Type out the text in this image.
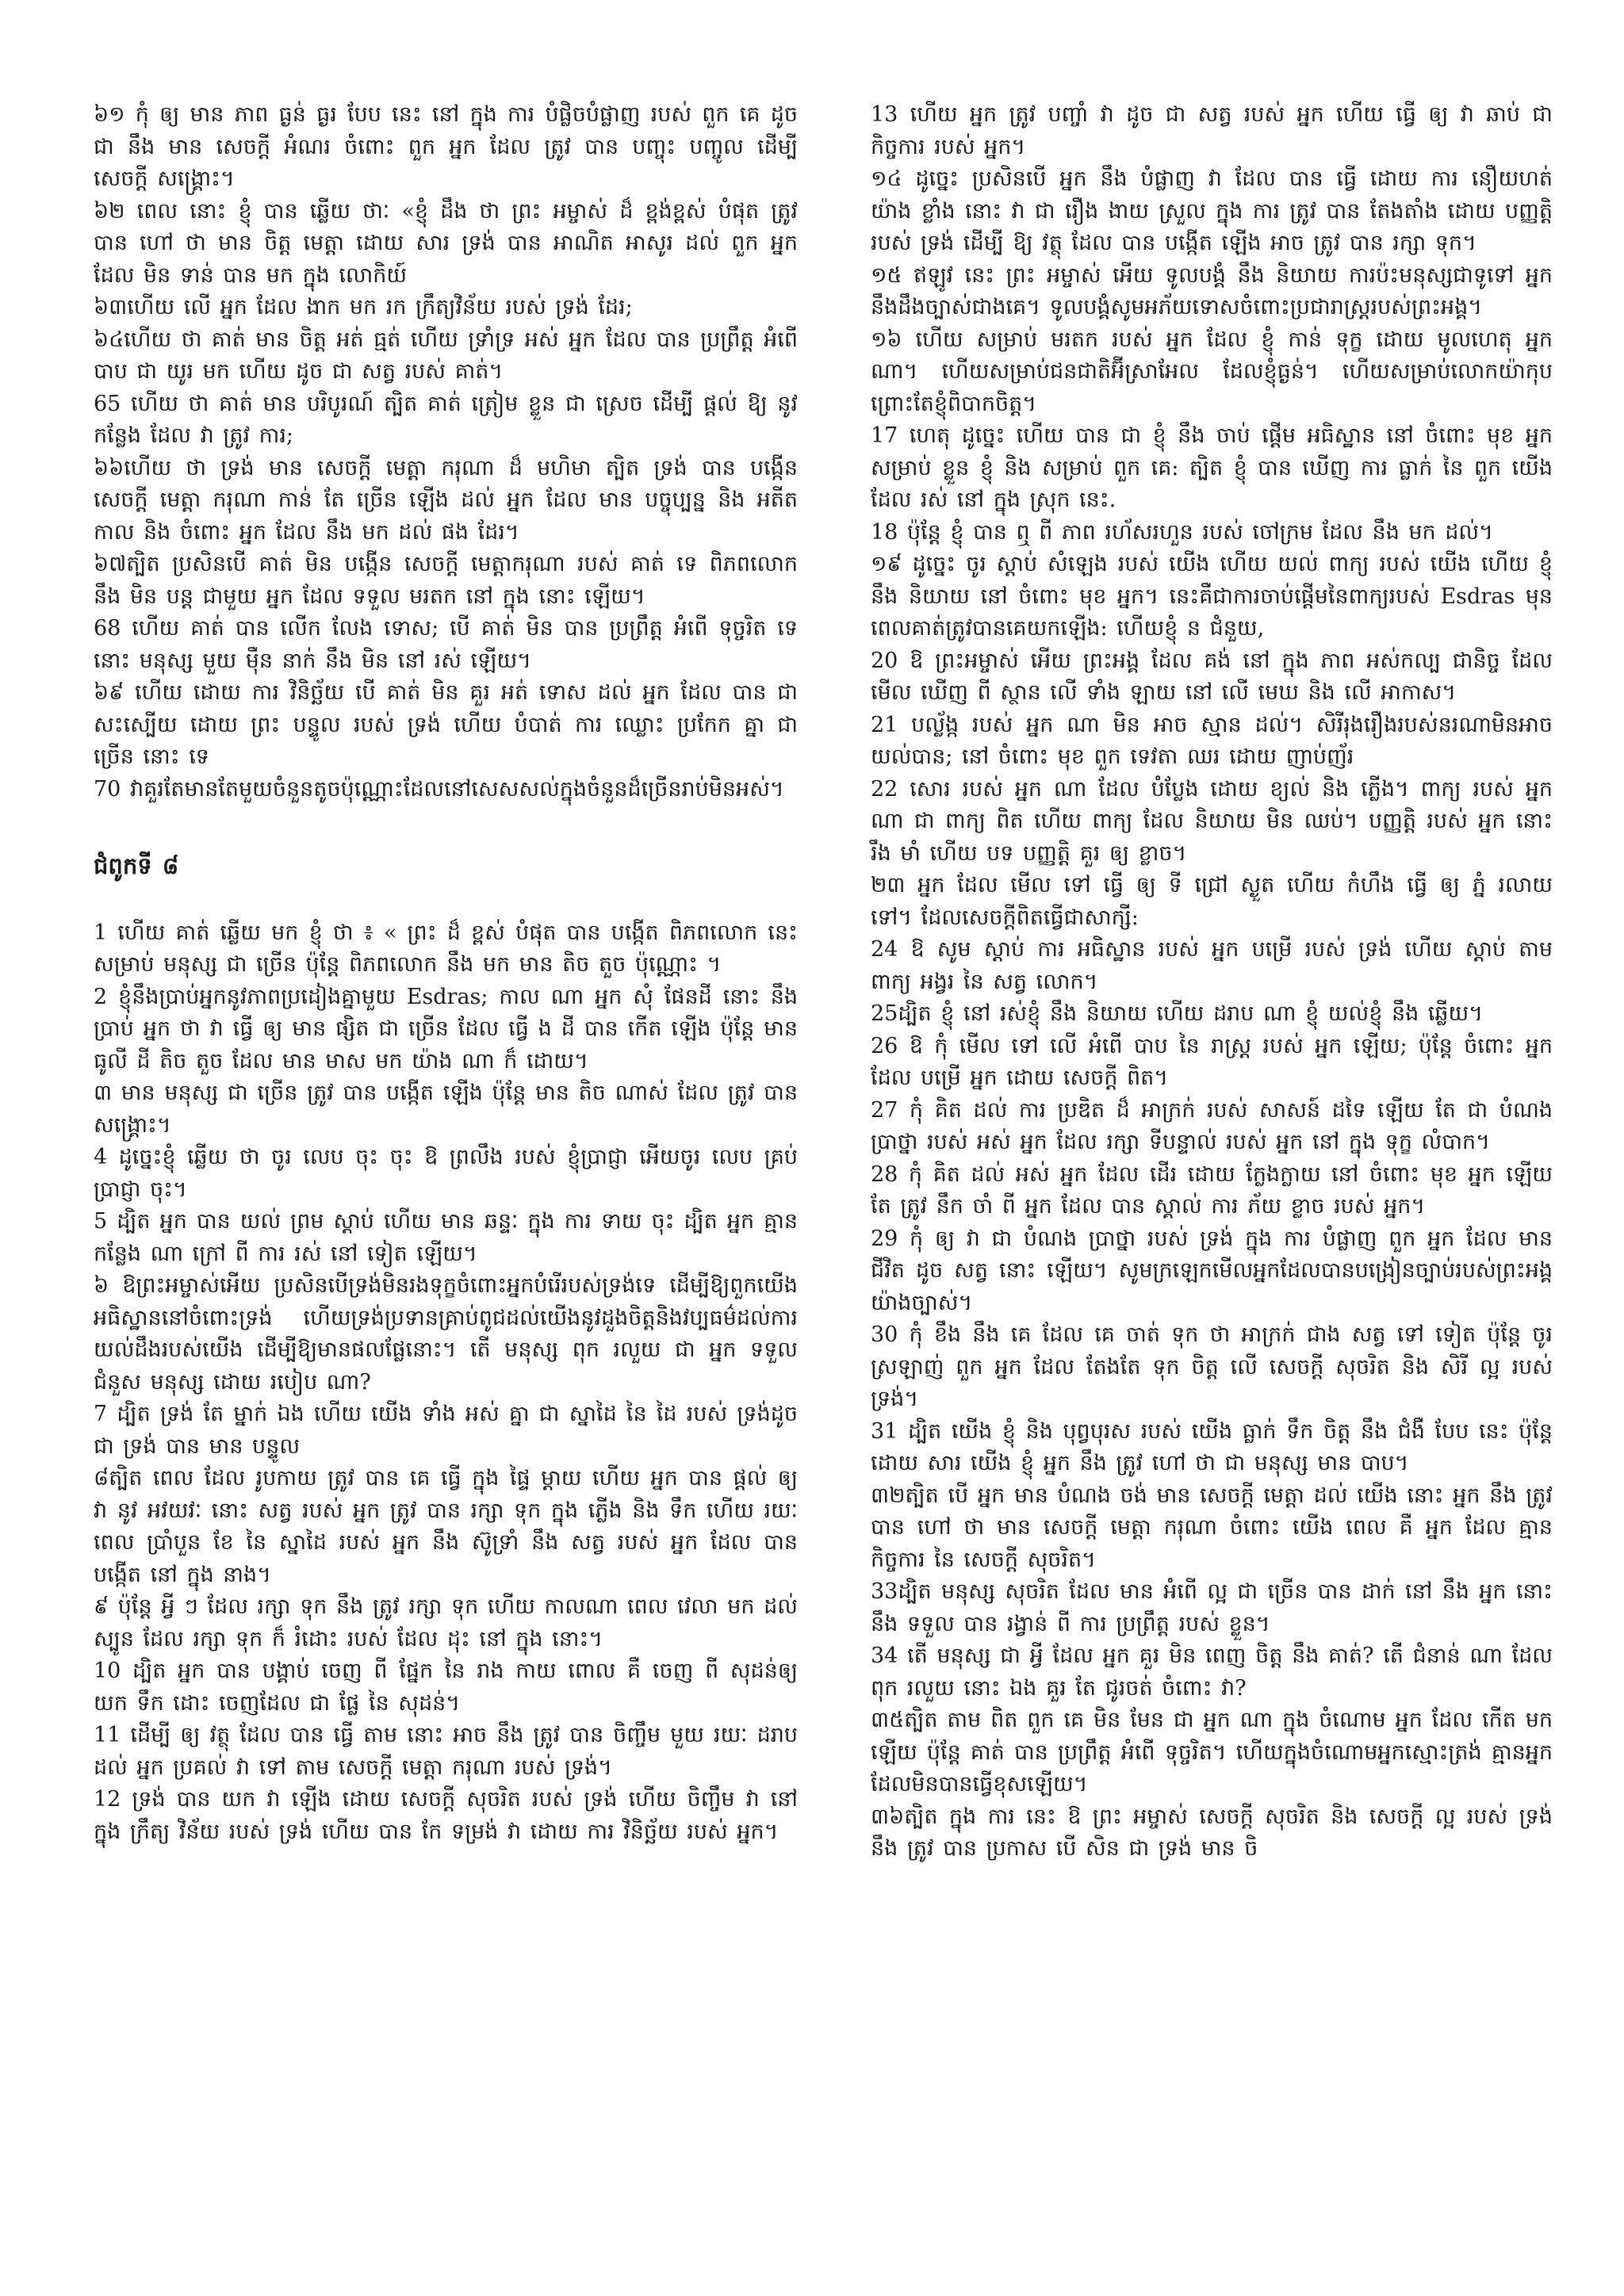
៦១ កុំ ឲ្យ មាន ភាព ធ្ងន់ ធ្ងរ បែប នេះ នៅ ក្នុង ការ បំផ្លិចបំផ្លាញ របស់ ពួក គេ ដូច ជា នឹង មាន សេចក្ដី អំណរ ចំពោះ ពួក អ្នក ដែល ត្រូវ បាន បញ្ចុះ បញ្ចូល ដើម្បី សេចក្ដី សង្គ្រោះ។

៦២ ពេល នោះ ខ្ញុំ បាន ឆ្លើយ ថាៈ «ខ្ញុំ ដឹង ថា ព្រះ អម្ចាស់ ដ៏ ខ្ពង់ខ្ពស់ បំផុត ត្រូវ បាន ហៅ ថា មាន ចិត្ត មេត្តា ដោយ សារ ទ្រង់ បាន អាណិត អាសូរ ដល់ ពួក អ្នក ដែល មិន ទាន់ បាន មក ក្នុង លោកិយ៍

៦៣ហើយ លើ អ្នក ដែល ងាក មក រក ក្រឹត្យវិន័យ របស់ ទ្រង់ ដែរ;

៦៤ហើយ ថា គាត់ មាន ចិត្ត អត់ ធ្មត់ ហើយ ទ្រាំទ្រ អស់ អ្នក ដែល បាន ប្រព្រឹត្ត អំពើ បាប ជា យូរ មក ហើយ ដូច ជា សត្វ របស់ គាត់។

65 ហើយ ថា គាត់ មាន បរិបូរណ៍ ត្បិត គាត់ ត្រៀម ខ្លួន ជា ស្រេច ដើម្បី ផ្ដល់ ឱ្យ នូវ កន្លែង ដែល វា ត្រូវ ការ;

៦៦ហើយ ថា ទ្រង់ មាន សេចក្ដី មេត្តា ករុណា ដ៏ មហិមា ត្បិត ទ្រង់ បាន បង្កើន សេចក្ដី មេត្តា ករុណា កាន់ តែ ច្រើន ឡើង ដល់ អ្នក ដែល មាន បច្ចុប្បន្ន និង អតីតកាល និង ចំពោះ អ្នក ដែល នឹង មក ដល់ ផង ដែរ។

៦៧ត្បិត ប្រសិនបើ គាត់ មិន បង្កើន សេចក្ដី មេត្តាករុណា របស់ គាត់ ទេ ពិភពលោក នឹង មិន បន្ត ជាមួយ អ្នក ដែល ទទួល មរតក នៅ ក្នុង នោះ ឡើយ។

68 ហើយ គាត់ បាន លើក លែង ទោស; បើ គាត់ មិន បាន ប្រព្រឹត្ត អំពើ ទុច្ចរិត ទេ នោះ មនុស្ស មួយ ម៉ឺន នាក់ នឹង មិន នៅ រស់ ឡើយ។

៦៩ ហើយ ដោយ ការ វិនិច្ឆ័យ បើ គាត់ មិន គួរ អត់ ទោស ដល់ អ្នក ដែល បាន ជា សះស្បើយ ដោយ ព្រះ បន្ទូល របស់ ទ្រង់ ហើយ បំបាត់ ការ ឈ្លោះ ប្រកែក គ្នា ជា ច្រើន នោះ ទេ

70 វាគួរតែមានតែមួយចំនួនតូចប៉ុណ្ណោះដែលនៅសេសសល់ក្នុងចំនួនដ៏ច្រើនរាប់មិនអស់។

ជំពូកទី ៨

1 ហើយ គាត់ ឆ្លើយ មក ខ្ញុំ ថា ៖ « ព្រះ ដ៏ ខ្ពស់ បំផុត បាន បង្កើត ពិភពលោក នេះ សម្រាប់ មនុស្ស ជា ច្រើន ប៉ុន្តែ ពិភពលោក នឹង មក មាន តិច តួច ប៉ុណ្ណោះ ។

2 ខ្ញុំនឹងប្រាប់អ្នកនូវភាពប្រដៀងគ្នាមួយ Esdras; កាល ណា អ្នក សុំ ផែនដី នោះ នឹង ប្រាប់ អ្នក ថា វា ធ្វើ ឲ្យ មាន ផ្សិត ជា ច្រើន ដែល ធ្វើ ង ដី បាន កើត ឡើង ប៉ុន្តែ មាន ធូលី ដី តិច តួច ដែល មាន មាស មក យ៉ាង ណា ក៏ ដោយ។

៣ មាន មនុស្ស ជា ច្រើន ត្រូវ បាន បង្កើត ឡើង ប៉ុន្តែ មាន តិច ណាស់ ដែល ត្រូវ បាន សង្គ្រោះ។

4 ដូច្នេះខ្ញុំ ឆ្លើយ ថា ចូរ លេប ចុះ ចុះ ឱ ព្រលឹង របស់ ខ្ញុំប្រាជ្ញា អើយចូរ លេប គ្រប់ប្រាជ្ញា ចុះ។

5 ដ្បិត អ្នក បាន យល់ ព្រម ស្ដាប់ ហើយ មាន ឆន្ទៈ ក្នុង ការ ទាយ ចុះ ដ្បិត អ្នក គ្មាន កន្លែង ណា ក្រៅ ពី ការ រស់ នៅ ទៀត ឡើយ។

៦ ឱព្រះអម្ចាស់អើយ ប្រសិនបើទ្រង់មិនរងទុក្ខចំពោះអ្នកបំរើរបស់ទ្រង់ទេ ដើម្បីឱ្យពួកយើងអធិស្ឋាននៅចំពោះទ្រង់ ហើយទ្រង់ប្រទានគ្រាប់ពូជដល់យើងនូវដួងចិត្តនិងវប្បធម៌ដល់ការយល់ដឹងរបស់យើង ដើម្បីឱ្យមានផលផ្លែនោះ។ តើ មនុស្ស ពុក រលួយ ជា អ្នក ទទួល ជំនួស មនុស្ស ដោយ របៀប ណា?

7 ដ្បិត ទ្រង់ តែ ម្នាក់ ឯង ហើយ យើង ទាំង អស់ គ្នា ជា ស្នាដៃ នៃ ដៃ របស់ ទ្រង់ដូច ជា ទ្រង់ បាន មាន បន្ទូល

៨ត្បិត ពេល ដែល រូបកាយ ត្រូវ បាន គេ ធ្វើ ក្នុង ផ្ទៃ ម្ដាយ ហើយ អ្នក បាន ផ្ដល់ ឲ្យ វា នូវ អវយវៈ នោះ សត្វ របស់ អ្នក ត្រូវ បាន រក្សា ទុក ក្នុង ភ្លើង និង ទឹក ហើយ រយៈពេល ប្រាំបួន ខែ នៃ ស្នាដៃ របស់ អ្នក នឹង ស៊ូទ្រាំ នឹង សត្វ របស់ អ្នក ដែល បាន បង្កើត នៅ ក្នុង នាង។

៩ ប៉ុន្តែ អ្វី ៗ ដែល រក្សា ទុក នឹង ត្រូវ រក្សា ទុក ហើយ កាលណា ពេល វេលា មក ដល់ ស្បូន ដែល រក្សា ទុក ក៏ រំដោះ របស់ ដែល ដុះ នៅ ក្នុង នោះ។

10 ដ្បិត អ្នក បាន បង្គាប់ ចេញ ពី ផ្នែក នៃ រាង កាយ ពោល គឺ ចេញ ពី សុដន់ឲ្យ យក ទឹក ដោះ ចេញដែល ជា ផ្លែ នៃ សុដន់។

11 ដើម្បី ឲ្យ វត្ថុ ដែល បាន ធ្វើ តាម នោះ អាច នឹង ត្រូវ បាន ចិញ្ចឹម មួយ រយៈ ដរាប ដល់ អ្នក ប្រគល់ វា ទៅ តាម សេចក្ដី មេត្តា ករុណា របស់ ទ្រង់។

12 ទ្រង់ បាន យក វា ឡើង ដោយ សេចក្ដី សុចរិត របស់ ទ្រង់ ហើយ ចិញ្ចឹម វា នៅ ក្នុង ក្រឹត្យ វិន័យ របស់ ទ្រង់ ហើយ បាន កែ ទម្រង់ វា ដោយ ការ វិនិច្ឆ័យ របស់ អ្នក។

13 ហើយ អ្នក ត្រូវ បញ្ចាំ វា ដូច ជា សត្វ របស់ អ្នក ហើយ ធ្វើ ឲ្យ វា ឆាប់ ជា កិច្ចការ របស់ អ្នក។

១៤ ដូច្នេះ ប្រសិនបើ អ្នក នឹង បំផ្លាញ វា ដែល បាន ធ្វើ ដោយ ការ នឿយហត់ យ៉ាង ខ្លាំង នោះ វា ជា រឿង ងាយ ស្រួល ក្នុង ការ ត្រូវ បាន តែងតាំង ដោយ បញ្ញត្តិ របស់ ទ្រង់ ដើម្បី ឱ្យ វត្ថុ ដែល បាន បង្កើត ឡើង អាច ត្រូវ បាន រក្សា ទុក។

១៥ ឥឡូវ នេះ ព្រះ អម្ចាស់ អើយ ទូលបង្គំ នឹង និយាយ ការប៉ះមនុស្សជាទូទៅ អ្នកនឹងដឹងច្បាស់ជាងគេ។ ទូលបង្គំសូមអភ័យទោសចំពោះប្រជារាស្ត្ររបស់ព្រះអង្គ។

១៦ ហើយ សម្រាប់ មរតក របស់ អ្នក ដែល ខ្ញុំ កាន់ ទុក្ខ ដោយ មូលហេតុ អ្នក ណា។ ហើយសម្រាប់ជនជាតិអ៊ីស្រាអែល ដែលខ្ញុំធ្ងន់។ ហើយសម្រាប់លោកយ៉ាកុប ព្រោះតែខ្ញុំពិបាកចិត្ត។

17 ហេតុ ដូច្នេះ ហើយ បាន ជា ខ្ញុំ នឹង ចាប់ ផ្ដើម អធិស្ឋាន នៅ ចំពោះ មុខ អ្នក សម្រាប់ ខ្លួន ខ្ញុំ និង សម្រាប់ ពួក គេ: ត្បិត ខ្ញុំ បាន ឃើញ ការ ធ្លាក់ នៃ ពួក យើង ដែល រស់ នៅ ក្នុង ស្រុក នេះ.

18 ប៉ុន្តែ ខ្ញុំ បាន ឮ ពី ភាព រហ័សរហួន របស់ ចៅក្រម ដែល នឹង មក ដល់។

១៩ ដូច្នេះ ចូរ ស្ដាប់ សំឡេង របស់ យើង ហើយ យល់ ពាក្យ របស់ យើង ហើយ ខ្ញុំ នឹង និយាយ នៅ ចំពោះ មុខ អ្នក។ នេះគឺជាការចាប់ផ្ដើមនៃពាក្យរបស់ Esdras មុនពេលគាត់ត្រូវបានគេយកឡើង: ហើយខ្ញុំ ន ជំនួយ,

20 ឱ ព្រះអម្ចាស់ អើយ ព្រះអង្គ ដែល គង់ នៅ ក្នុង ភាព អស់កល្ប ជានិច្ច ដែល មើល ឃើញ ពី ស្ថាន លើ ទាំង ឡាយ នៅ លើ មេឃ និង លើ អាកាស។

21 បល្ល័ង្ក របស់ អ្នក ណា មិន អាច ស្មាន ដល់។ សិរីរុងរឿងរបស់នរណាមិនអាចយល់បាន; នៅ ចំពោះ មុខ ពួក ទេវតា ឈរ ដោយ ញាប់ញ័រ

22 សោរ របស់ អ្នក ណា ដែល បំប្លែង ដោយ ខ្យល់ និង ភ្លើង។ ពាក្យ របស់ អ្នក ណា ជា ពាក្យ ពិត ហើយ ពាក្យ ដែល និយាយ មិន ឈប់។ បញ្ញត្តិ របស់ អ្នក នោះ រឹង មាំ ហើយ បទ បញ្ញត្តិ គួរ ឲ្យ ខ្លាច។

២៣ អ្នក ដែល មើល ទៅ ធ្វើ ឲ្យ ទី ជ្រៅ ស្ងួត ហើយ កំហឹង ធ្វើ ឲ្យ ភ្នំ រលាយ ទៅ។ ដែលសេចក្ដីពិតធ្វើជាសាក្សី:

24 ឱ សូម ស្ដាប់ ការ អធិស្ឋាន របស់ អ្នក បម្រើ របស់ ទ្រង់ ហើយ ស្ដាប់ តាម ពាក្យ អង្វរ នៃ សត្វ លោក។

25ដ្បិត ខ្ញុំ នៅ រស់ខ្ញុំ នឹង និយាយ ហើយ ដរាប ណា ខ្ញុំ យល់ខ្ញុំ នឹង ឆ្លើយ។

26 ឱ កុំ មើល ទៅ លើ អំពើ បាប នៃ រាស្ត្រ របស់ អ្នក ឡើយ; ប៉ុន្តែ ចំពោះ អ្នក ដែល បម្រើ អ្នក ដោយ សេចក្ដី ពិត។

27 កុំ គិត ដល់ ការ ប្រឌិត ដ៏ អាក្រក់ របស់ សាសន៍ ដទៃ ឡើយ តែ ជា បំណង ប្រាថ្នា របស់ អស់ អ្នក ដែល រក្សា ទីបន្ទាល់ របស់ អ្នក នៅ ក្នុង ទុក្ខ លំបាក។

28 កុំ គិត ដល់ អស់ អ្នក ដែល ដើរ ដោយ ក្លែងក្លាយ នៅ ចំពោះ មុខ អ្នក ឡើយ តែ ត្រូវ នឹក ចាំ ពី អ្នក ដែល បាន ស្គាល់ ការ ភ័យ ខ្លាច របស់ អ្នក។

29 កុំ ឲ្យ វា ជា បំណង ប្រាថ្នា របស់ ទ្រង់ ក្នុង ការ បំផ្លាញ ពួក អ្នក ដែល មាន ជីវិត ដូច សត្វ នោះ ឡើយ។ សូមក្រឡេកមើលអ្នកដែលបានបង្រៀនច្បាប់របស់ព្រះអង្គយ៉ាងច្បាស់។

30 កុំ ខឹង នឹង គេ ដែល គេ ចាត់ ទុក ថា អាក្រក់ ជាង សត្វ ទៅ ទៀត ប៉ុន្តែ ចូរ ស្រឡាញ់ ពួក អ្នក ដែល តែងតែ ទុក ចិត្ត លើ សេចក្ដី សុចរិត និង សិរី ល្អ របស់ ទ្រង់។

31 ដ្បិត យើង ខ្ញុំ និង បុព្វបុរស របស់ យើង ធ្លាក់ ទឹក ចិត្ត នឹង ជំងឺ បែប នេះ ប៉ុន្តែ ដោយ សារ យើង ខ្ញុំ អ្នក នឹង ត្រូវ ហៅ ថា ជា មនុស្ស មាន បាប។

៣២ត្បិត បើ អ្នក មាន បំណង ចង់ មាន សេចក្ដី មេត្តា ដល់ យើង នោះ អ្នក នឹង ត្រូវ បាន ហៅ ថា មាន សេចក្ដី មេត្តា ករុណា ចំពោះ យើង ពេល គឺ អ្នក ដែល គ្មាន កិច្ចការ នៃ សេចក្ដី សុចរិត។

33ដ្បិត មនុស្ស សុចរិត ដែល មាន អំពើ ល្អ ជា ច្រើន បាន ដាក់ នៅ នឹង អ្នក នោះ នឹង ទទួល បាន រង្វាន់ ពី ការ ប្រព្រឹត្ត របស់ ខ្លួន។

34 តើ មនុស្ស ជា អ្វី ដែល អ្នក គួរ មិន ពេញ ចិត្ត នឹង គាត់? តើ ជំនាន់ ណា ដែល ពុក រលួយ នោះ ឯង គួរ តែ ជូរចត់ ចំពោះ វា?

៣៥ត្បិត តាម ពិត ពួក គេ មិន មែន ជា អ្នក ណា ក្នុង ចំណោម អ្នក ដែល កើត មក ឡើយ ប៉ុន្តែ គាត់ បាន ប្រព្រឹត្ត អំពើ ទុច្ចរិត។ ហើយក្នុងចំណោមអ្នកស្មោះត្រង់ គ្មានអ្នកដែលមិនបានធ្វើខុសឡើយ។

៣៦ត្បិត ក្នុង ការ នេះ ឱ ព្រះ អម្ចាស់ សេចក្ដី សុចរិត និង សេចក្ដី ល្អ របស់ ទ្រង់ នឹង ត្រូវ បាន ប្រកាស បើ សិន ជា ទ្រង់ មាន ចិ
